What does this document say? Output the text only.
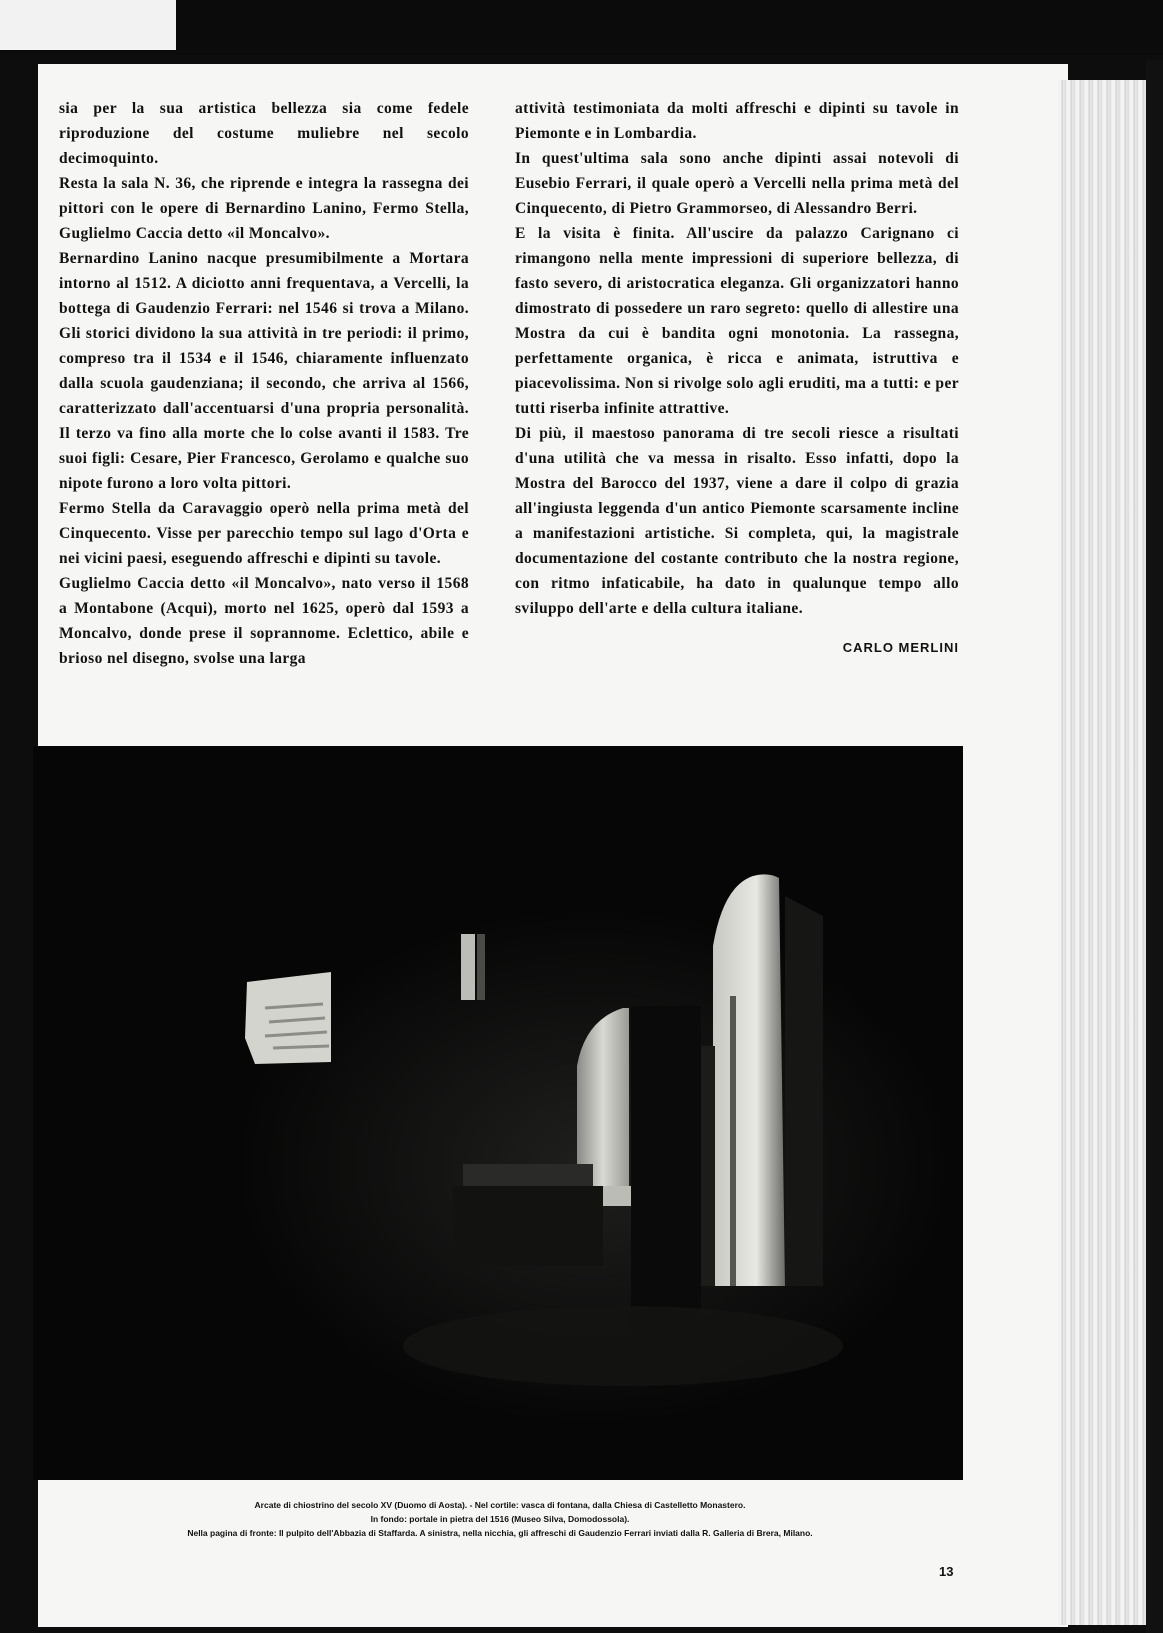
sia per la sua artistica bellezza sia come fedele riproduzione del costume muliebre nel secolo decimoquinto.

Resta la sala N. 36, che riprende e integra la rassegna dei pittori con le opere di Bernardino Lanino, Fermo Stella, Guglielmo Caccia detto «il Moncalvo».

Bernardino Lanino nacque presumibilmente a Mortara intorno al 1512. A diciotto anni frequentava, a Vercelli, la bottega di Gaudenzio Ferrari: nel 1546 si trova a Milano. Gli storici dividono la sua attività in tre periodi: il primo, compreso tra il 1534 e il 1546, chiaramente influenzato dalla scuola gaudenziana; il secondo, che arriva al 1566, caratterizzato dall'accentuarsi d'una propria personalità. Il terzo va fino alla morte che lo colse avanti il 1583. Tre suoi figli: Cesare, Pier Francesco, Gerolamo e qualche suo nipote furono a loro volta pittori.

Fermo Stella da Caravaggio operò nella prima metà del Cinquecento. Visse per parecchio tempo sul lago d'Orta e nei vicini paesi, eseguendo affreschi e dipinti su tavole.

Guglielmo Caccia detto «il Moncalvo», nato verso il 1568 a Montabone (Acqui), morto nel 1625, operò dal 1593 a Moncalvo, donde prese il soprannome. Eclettico, abile e brioso nel disegno, svolse una larga

attività testimoniata da molti affreschi e dipinti su tavole in Piemonte e in Lombardia.

In quest'ultima sala sono anche dipinti assai notevoli di Eusebio Ferrari, il quale operò a Vercelli nella prima metà del Cinquecento, di Pietro Grammorseo, di Alessandro Berri.

E la visita è finita. All'uscire da palazzo Carignano ci rimangono nella mente impressioni di superiore bellezza, di fasto severo, di aristocratica eleganza. Gli organizzatori hanno dimostrato di possedere un raro segreto: quello di allestire una Mostra da cui è bandita ogni monotonia. La rassegna, perfettamente organica, è ricca e animata, istruttiva e piacevolissima. Non si rivolge solo agli eruditi, ma a tutti: e per tutti riserba infinite attrattive.

Di più, il maestoso panorama di tre secoli riesce a risultati d'una utilità che va messa in risalto. Esso infatti, dopo la Mostra del Barocco del 1937, viene a dare il colpo di grazia all'ingiusta leggenda d'un antico Piemonte scarsamente incline a manifestazioni artistiche. Si completa, qui, la magistrale documentazione del costante contributo che la nostra regione, con ritmo infaticabile, ha dato in qualunque tempo allo sviluppo dell'arte e della cultura italiane.

CARLO MERLINI

Arcate di chiostrino del secolo XV (Duomo di Aosta). - Nel cortile: vasca di fontana, dalla Chiesa di Castelletto Monastero.

In fondo: portale in pietra del 1516 (Museo Silva, Domodossola).

Nella pagina di fronte: Il pulpito dell'Abbazia di Staffarda. A sinistra, nella nicchia, gli affreschi di Gaudenzio Ferrari inviati dalla R. Galleria di Brera, Milano.

13
